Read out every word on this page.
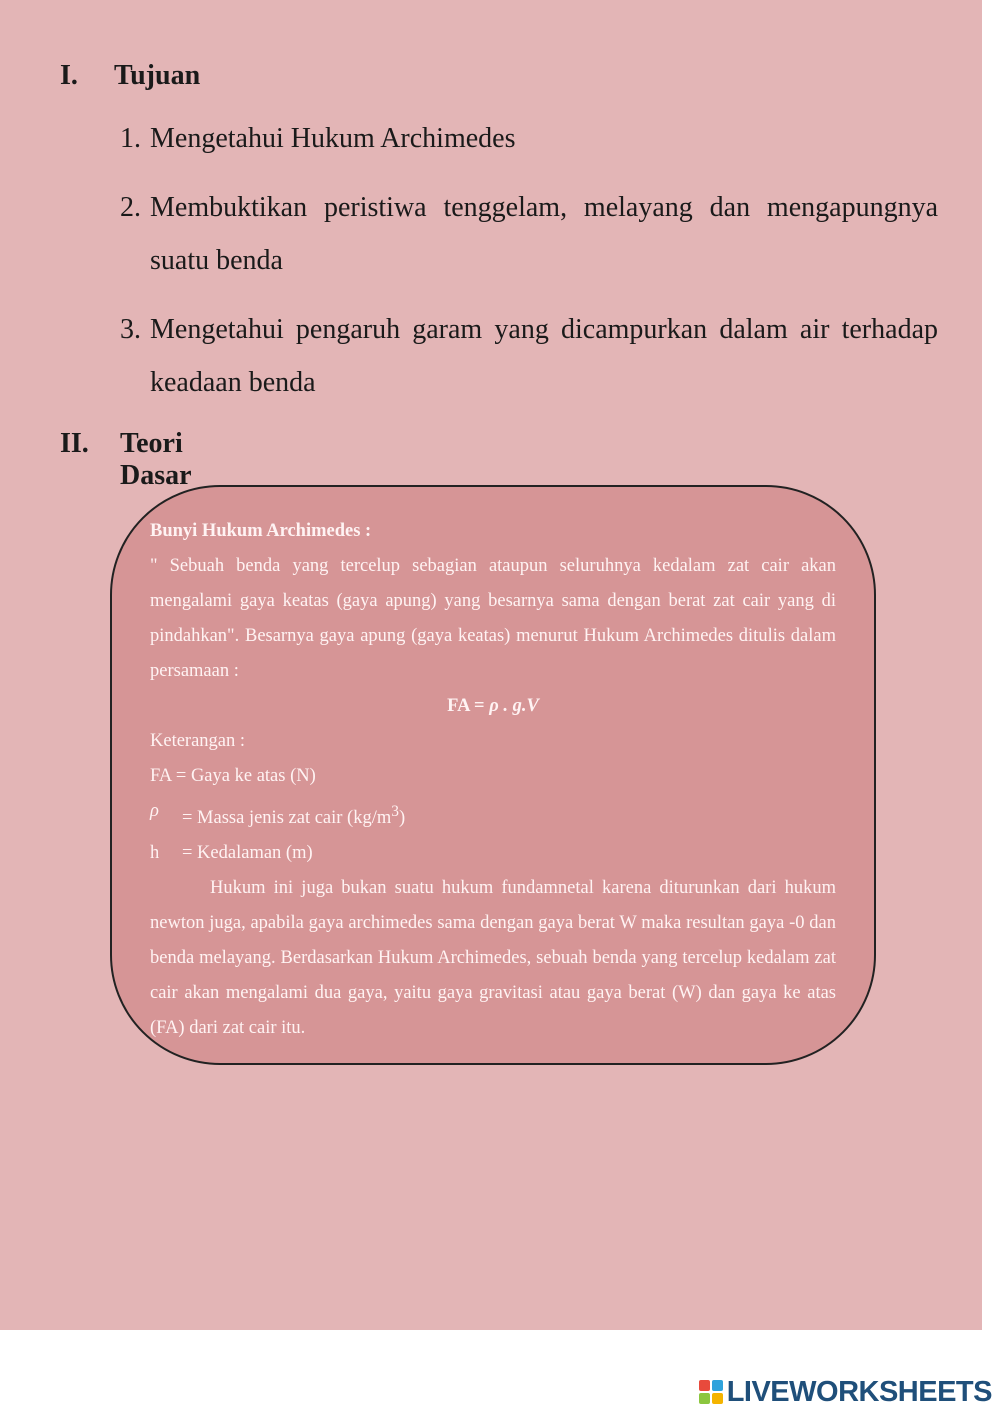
I. Tujuan
1. Mengetahui Hukum Archimedes
2. Membuktikan peristiwa tenggelam, melayang dan mengapungnya suatu benda
3. Mengetahui pengaruh garam yang dicampurkan dalam air terhadap keadaan benda
II. Teori Dasar

Bunyi Hukum Archimedes :

" Sebuah benda yang tercelup sebagian ataupun seluruhnya kedalam zat cair akan mengalami gaya keatas (gaya apung) yang besarnya sama dengan berat zat cair yang di pindahkan". Besarnya gaya apung (gaya keatas) menurut Hukum Archimedes ditulis dalam persamaan :

FA = ρ . g.V

Keterangan :

FA = Gaya ke atas (N)

ρ	= Massa jenis zat cair $(kg/m^3)$

h	= Kedalaman (m)

Hukum ini juga bukan suatu hukum fundamnetal karena diturunkan dari hukum newton juga, apabila gaya archimedes sama dengan gaya berat W maka resultan gaya -0 dan benda melayang. Berdasarkan Hukum Archimedes, sebuah benda yang tercelup kedalam zat cair akan mengalami dua gaya, yaitu gaya gravitasi atau gaya berat (W) dan gaya ke atas (FA) dari zat cair itu.

LIVEWORKSHEETS
